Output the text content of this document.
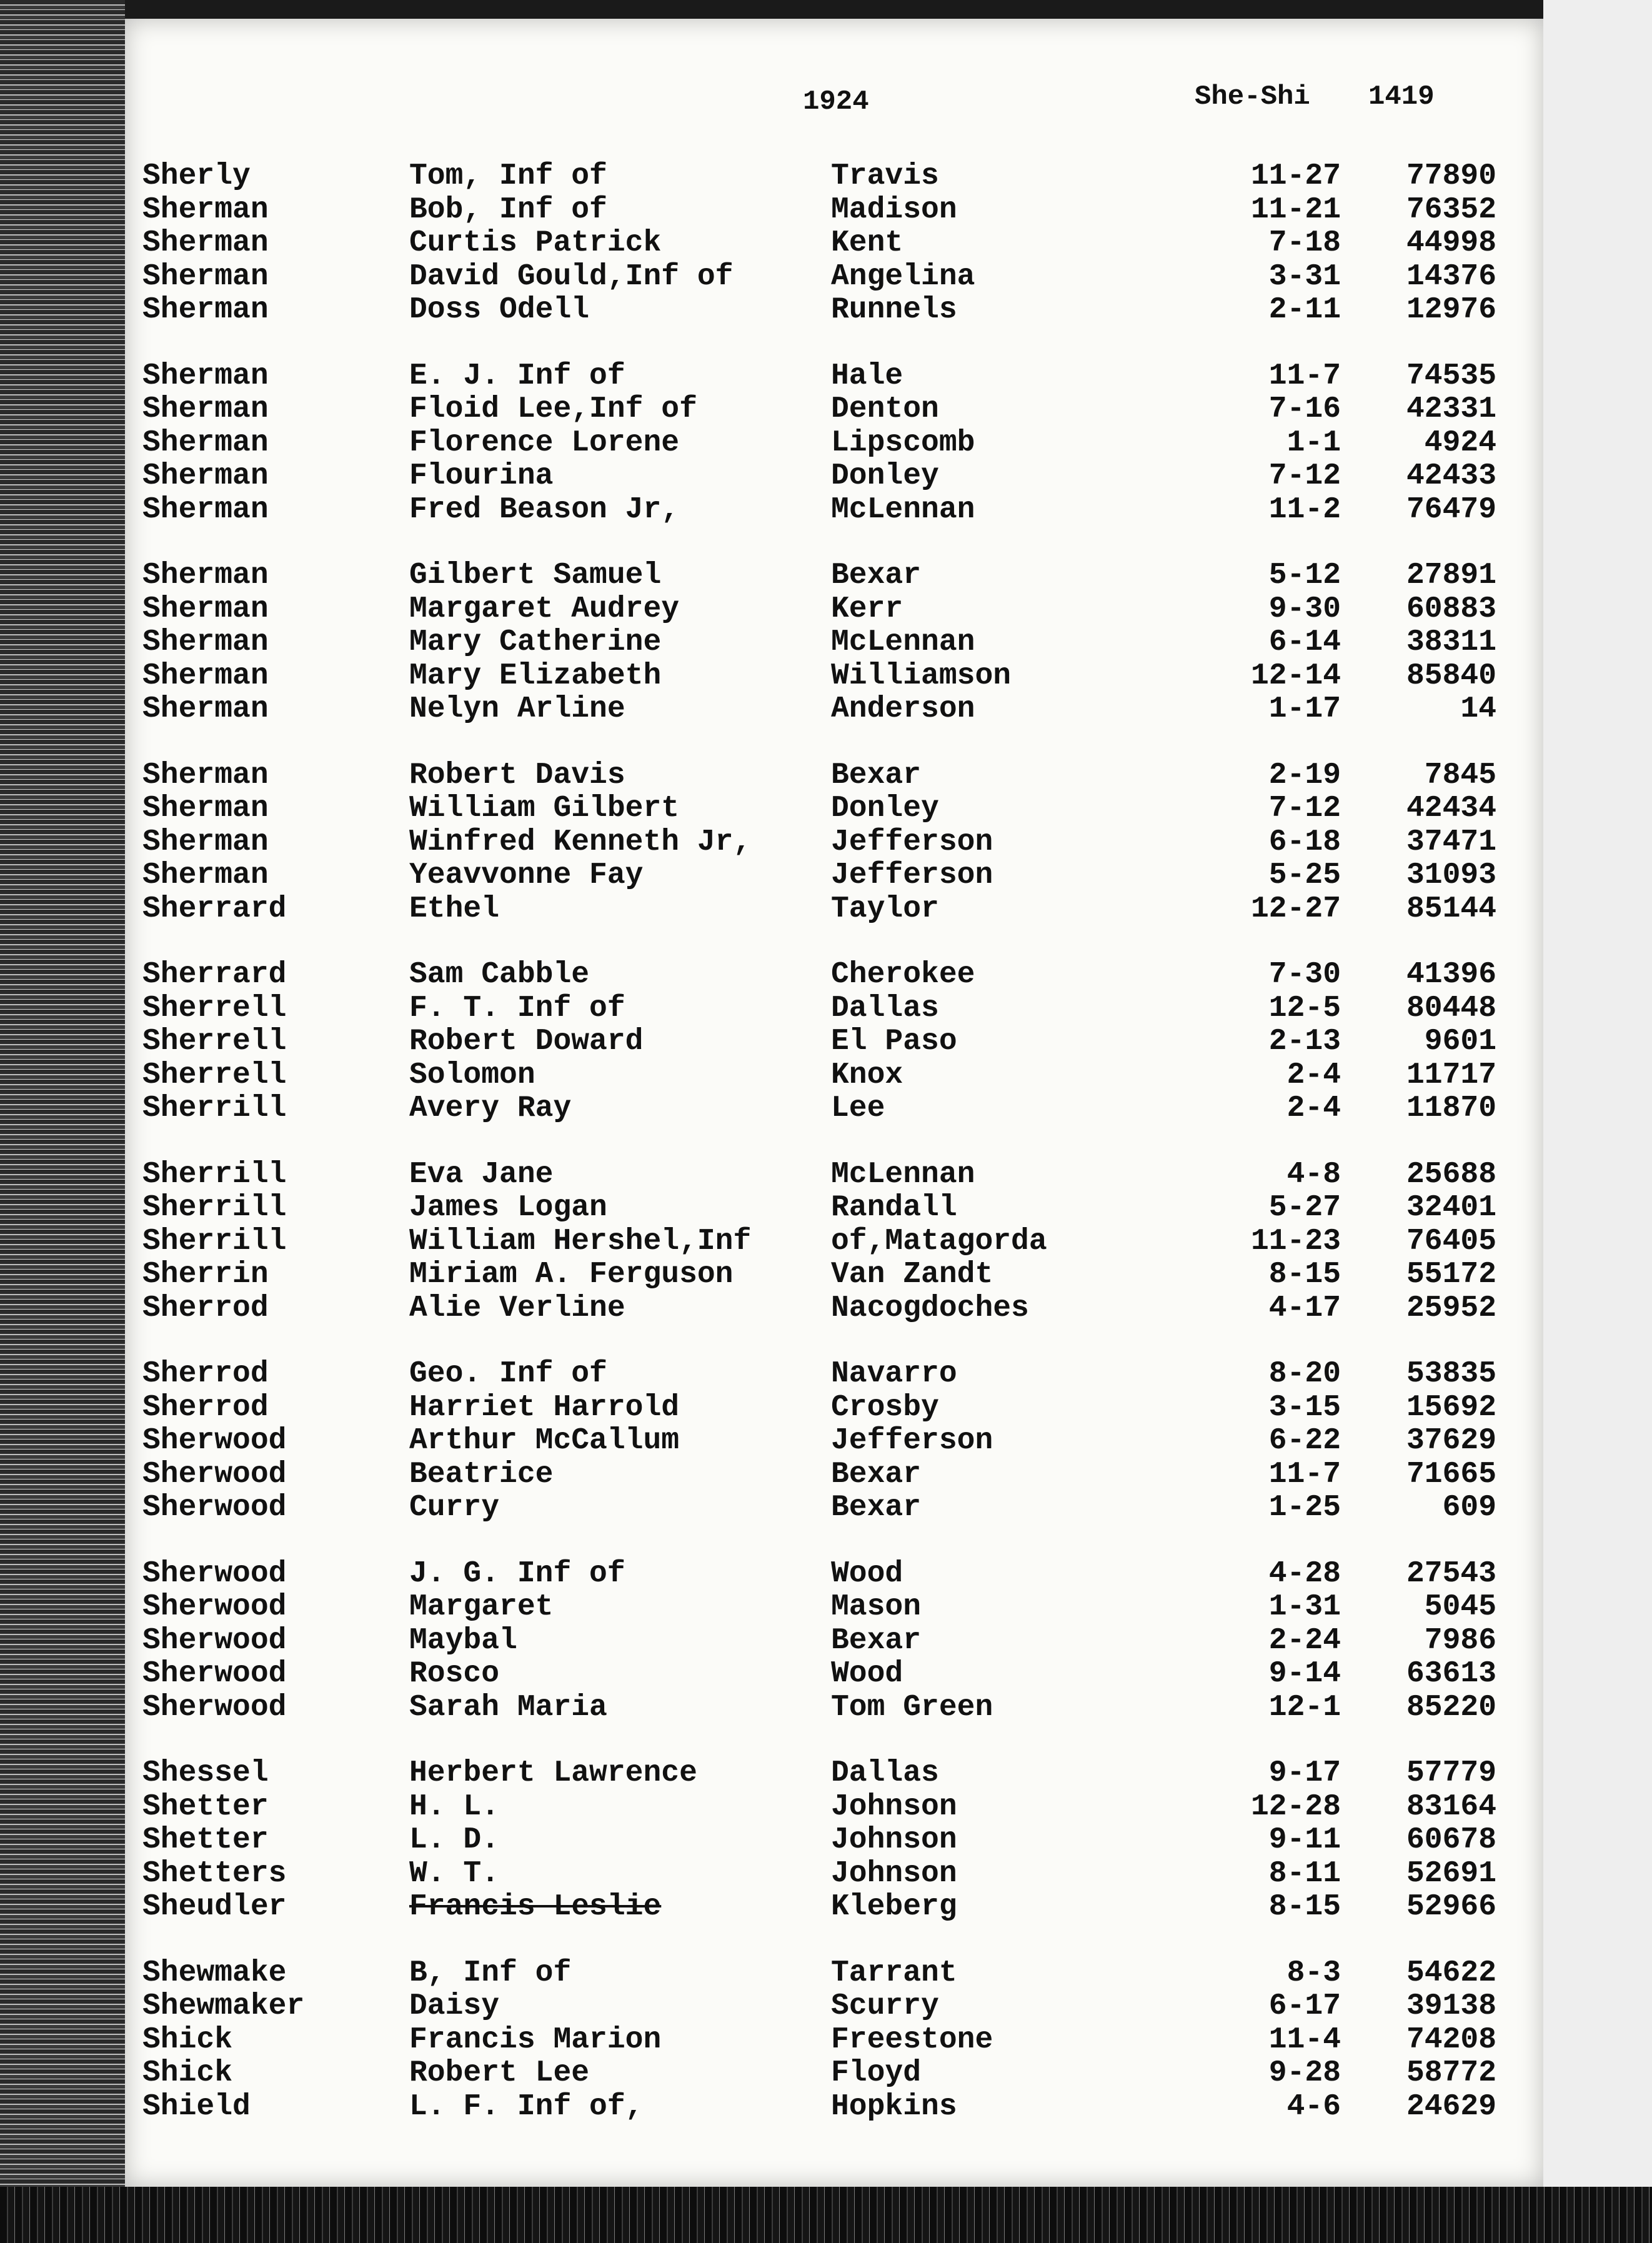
1924	She-Shi 1419
Sherly	Tom, Inf of	Travis	11-27	77890
Sherman	Bob, Inf of	Madison	11-21	76352
Sherman	Curtis Patrick	Kent	7-18	44998
Sherman	David Gould,Inf of	Angelina	3-31	14376
Sherman	Doss Odell	Runnels	2-11	12976
Sherman	E. J. Inf of	Hale	11-7	74535
Sherman	Floid Lee,Inf of	Denton	7-16	42331
Sherman	Florence Lorene	Lipscomb	1-1	4924
Sherman	Flourina	Donley	7-12	42433
Sherman	Fred Beason Jr,	McLennan	11-2	76479
Sherman	Gilbert Samuel	Bexar	5-12	27891
Sherman	Margaret Audrey	Kerr	9-30	60883
Sherman	Mary Catherine	McLennan	6-14	38311
Sherman	Mary Elizabeth	Williamson	12-14	85840
Sherman	Nelyn Arline	Anderson	1-17	14
Sherman	Robert Davis	Bexar	2-19	7845
Sherman	William Gilbert	Donley	7-12	42434
Sherman	Winfred Kenneth Jr,	Jefferson	6-18	37471
Sherman	Yeavvonne Fay	Jefferson	5-25	31093
Sherrard	Ethel	Taylor	12-27	85144
Sherrard	Sam Cabble	Cherokee	7-30	41396
Sherrell	F. T. Inf of	Dallas	12-5	80448
Sherrell	Robert Doward	El Paso	2-13	9601
Sherrell	Solomon	Knox	2-4	11717
Sherrill	Avery Ray	Lee	2-4	11870
Sherrill	Eva Jane	McLennan	4-8	25688
Sherrill	James Logan	Randall	5-27	32401
Sherrill	William Hershel,Inf	of,Matagorda	11-23	76405
Sherrin	Miriam A. Ferguson	Van Zandt	8-15	55172
Sherrod	Alie Verline	Nacogdoches	4-17	25952
Sherrod	Geo. Inf of	Navarro	8-20	53835
Sherrod	Harriet Harrold	Crosby	3-15	15692
Sherwood	Arthur McCallum	Jefferson	6-22	37629
Sherwood	Beatrice	Bexar	11-7	71665
Sherwood	Curry	Bexar	1-25	609
Sherwood	J. G. Inf of	Wood	4-28	27543
Sherwood	Margaret	Mason	1-31	5045
Sherwood	Maybal	Bexar	2-24	7986
Sherwood	Rosco	Wood	9-14	63613
Sherwood	Sarah Maria	Tom Green	12-1	85220
Shessel	Herbert Lawrence	Dallas	9-17	57779
Shetter	H. L.	Johnson	12-28	83164
Shetter	L. D.	Johnson	9-11	60678
Shetters	W. T.	Johnson	8-11	52691
Sheudler	Francis Leslie	Kleberg	8-15	52966
Shewmake	B, Inf of	Tarrant	8-3	54622
Shewmaker	Daisy	Scurry	6-17	39138
Shick	Francis Marion	Freestone	11-4	74208
Shick	Robert Lee	Floyd	9-28	58772
Shield	L. F. Inf of,	Hopkins	4-6	24629
